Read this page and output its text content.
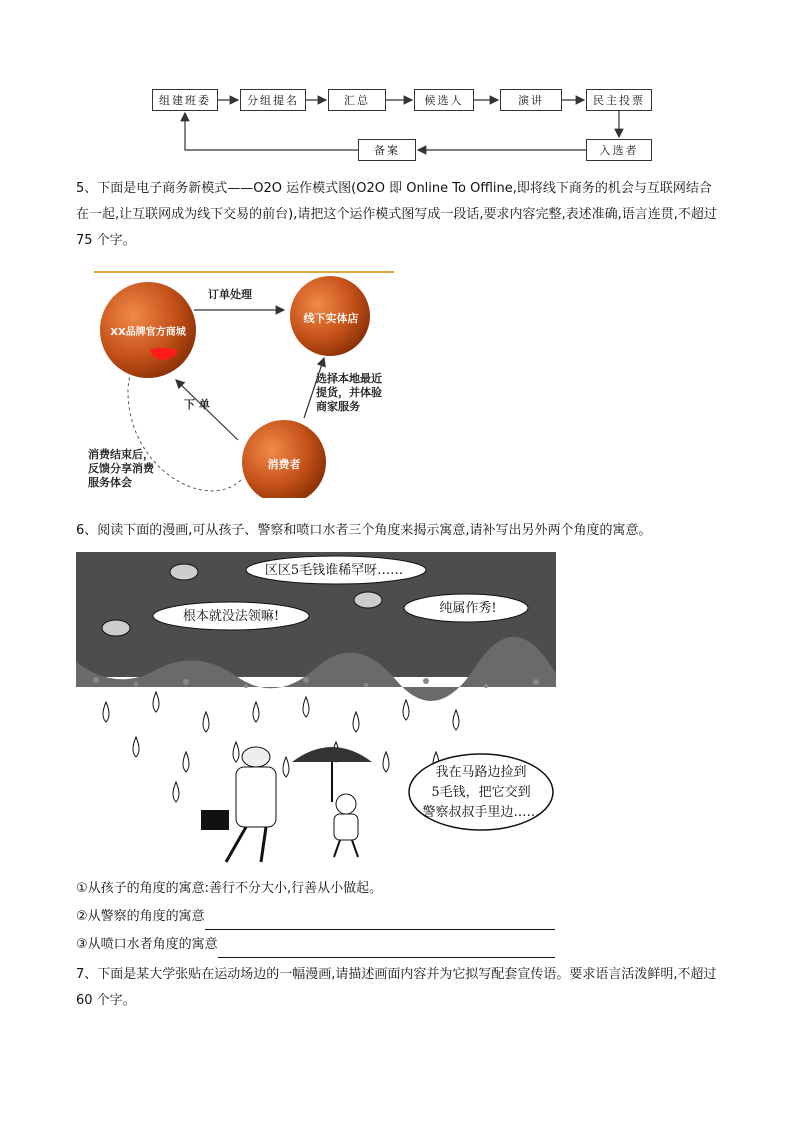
组建班委	分组提名	汇总	候选人	演讲	民主投票
入选者
备案
5、下面是电子商务新模式——O2O 运作模式图(O2O 即 Online To Offline,即将线下商务的机会与互联网结合在一起,让互联网成为线下交易的前台),请把这个运作模式图写成一段话,要求内容完整,表述准确,语言连贯,不超过 75 个字。
XX品牌官方商城
线下实体店
消费者
订单处理
下 单
选择本地最近
提货，并体验
商家服务
消费结束后，
反馈分享消费
服务体会
6、阅读下面的漫画,可从孩子、警察和喷口水者三个角度来揭示寓意,请补写出另外两个角度的寓意。
区区5毛钱谁稀罕呀……
根本就没法领嘛!
纯属作秀!
我在马路边捡到
5毛钱，把它交到
警察叔叔手里边……
①从孩子的角度的寓意:善行不分大小,行善从小做起。
②从警察的角度的寓意
③从喷口水者角度的寓意
7、下面是某大学张贴在运动场边的一幅漫画,请描述画面内容并为它拟写配套宣传语。要求语言活泼鲜明,不超过 60 个字。
